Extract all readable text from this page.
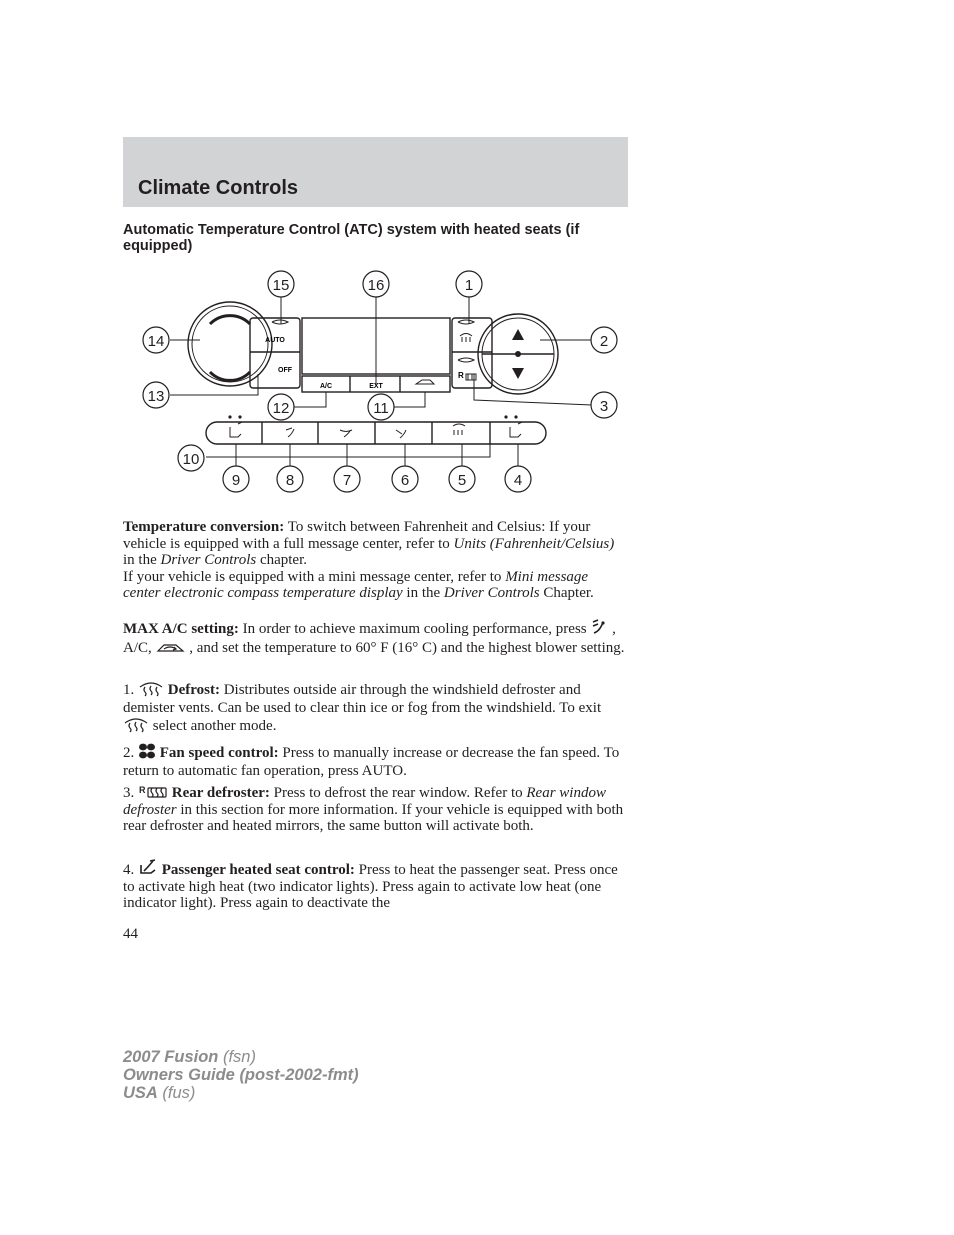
Climate Controls
Automatic Temperature Control (ATC) system with heated seats (if equipped)
AUTO
OFF
A/C	EXT
R
15	16	1
14	2
13
3
12	11
10
9	8	7	6	5	4

Temperature conversion: To switch between Fahrenheit and Celsius: If your vehicle is equipped with a full message center, refer to Units (Fahrenheit/Celsius) in the Driver Controls chapter.

If your vehicle is equipped with a mini message center, refer to Mini message center electronic compass temperature display in the Driver Controls Chapter.

MAX A/C setting: In order to achieve maximum cooling performance, press  , A/C,  , and set the temperature to 60° F (16° C) and the highest blower setting.

1. Defrost: Distributes outside air through the windshield defroster and demister vents. Can be used to clear thin ice or fog from the windshield. To exit  select another mode.

2. Fan speed control: Press to manually increase or decrease the fan speed. To return to automatic fan operation, press AUTO.

3. R Rear defroster: Press to defrost the rear window. Refer to Rear window defroster in this section for more information. If your vehicle is equipped with both rear defroster and heated mirrors, the same button will activate both.

4. Passenger heated seat control: Press to heat the passenger seat. Press once to activate high heat (two indicator lights). Press again to activate low heat (one indicator light). Press again to deactivate the

44
2007 Fusion (fsn)
Owners Guide (post-2002-fmt)
USA (fus)
